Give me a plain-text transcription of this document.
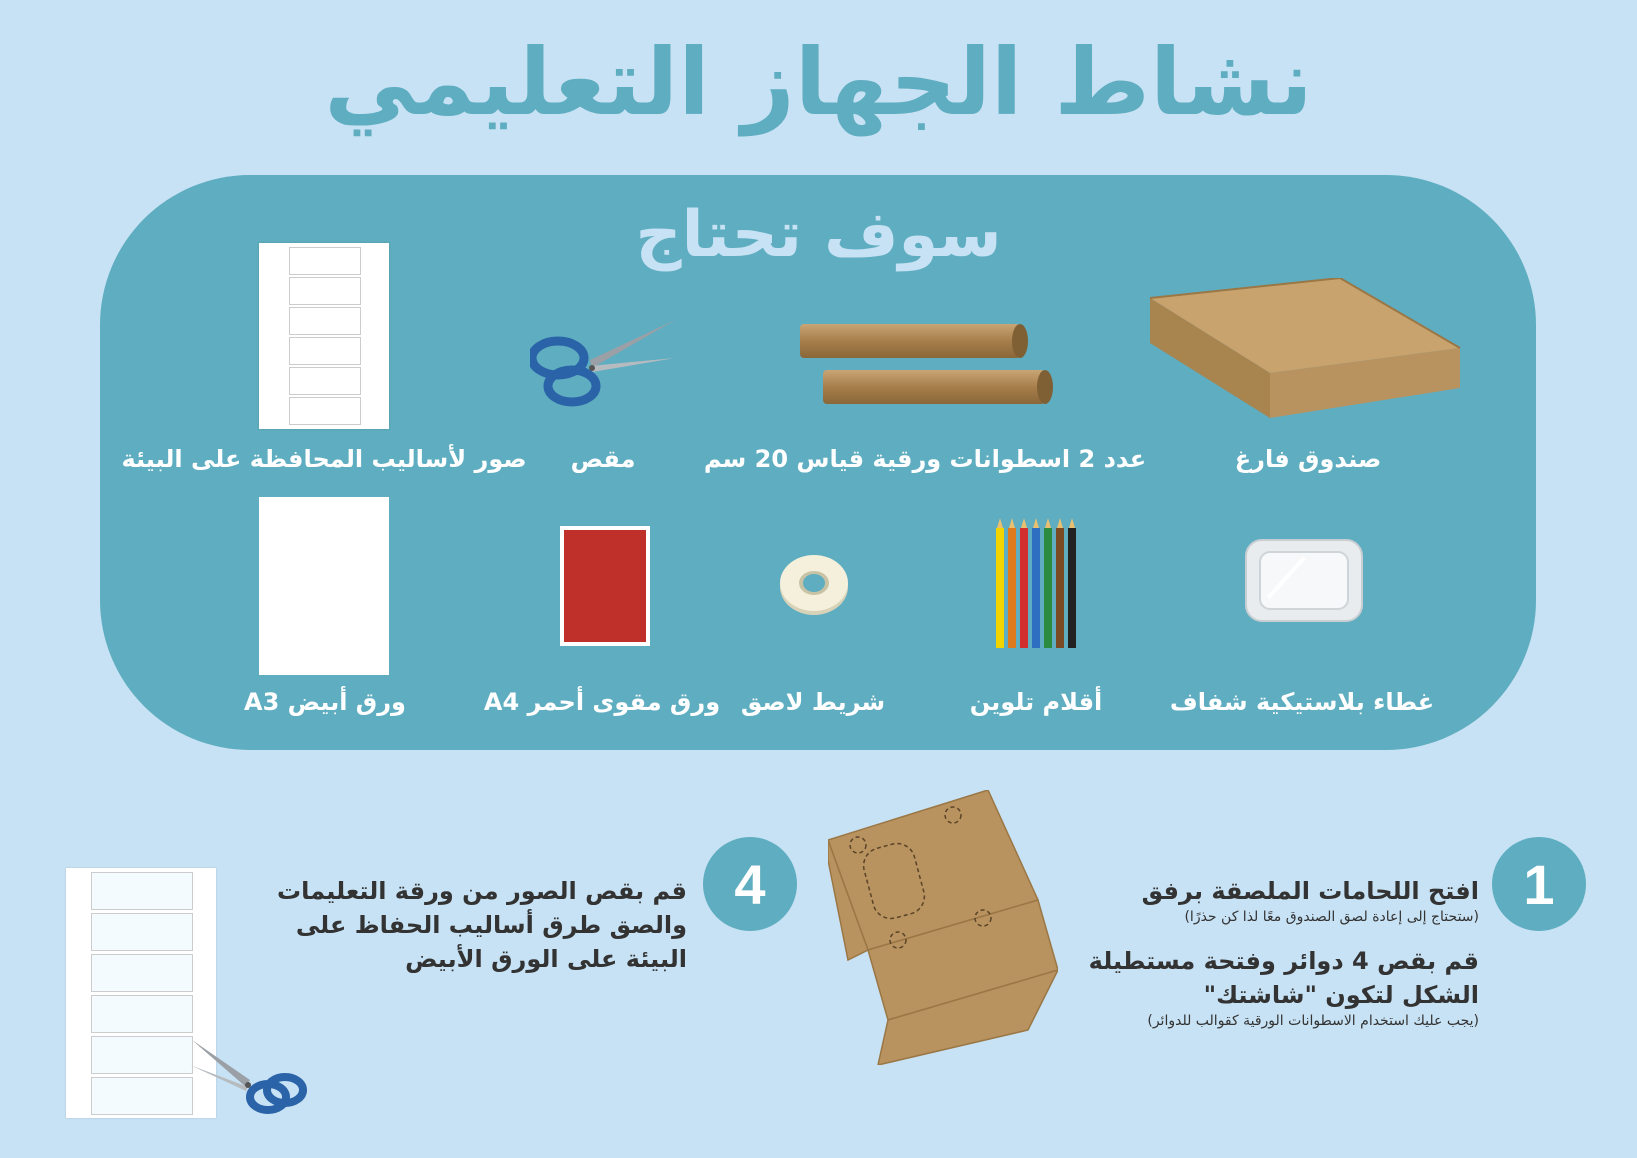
نشاط الجهاز التعليمي
سوف تحتاج
صندوق فارغ
عدد 2 اسطوانات ورقية قياس 20 سم
مقص
صور لأساليب المحافظة على البيئة
غطاء بلاستيكية شفاف
أقلام تلوين
شريط لاصق
ورق مقوى أحمر A4
ورق أبيض A3
1
افتح اللحامات الملصقة برفق
(ستحتاج إلى إعادة لصق الصندوق معًا لذا كن حذرًا)
قم بقص 4 دوائر وفتحة مستطيلة
الشكل لتكون "شاشتك"
(يجب عليك استخدام الاسطوانات الورقية كقوالب للدوائر)
4
قم بقص الصور من ورقة التعليمات
والصق طرق أساليب الحفاظ على
البيئة على الورق الأبيض
